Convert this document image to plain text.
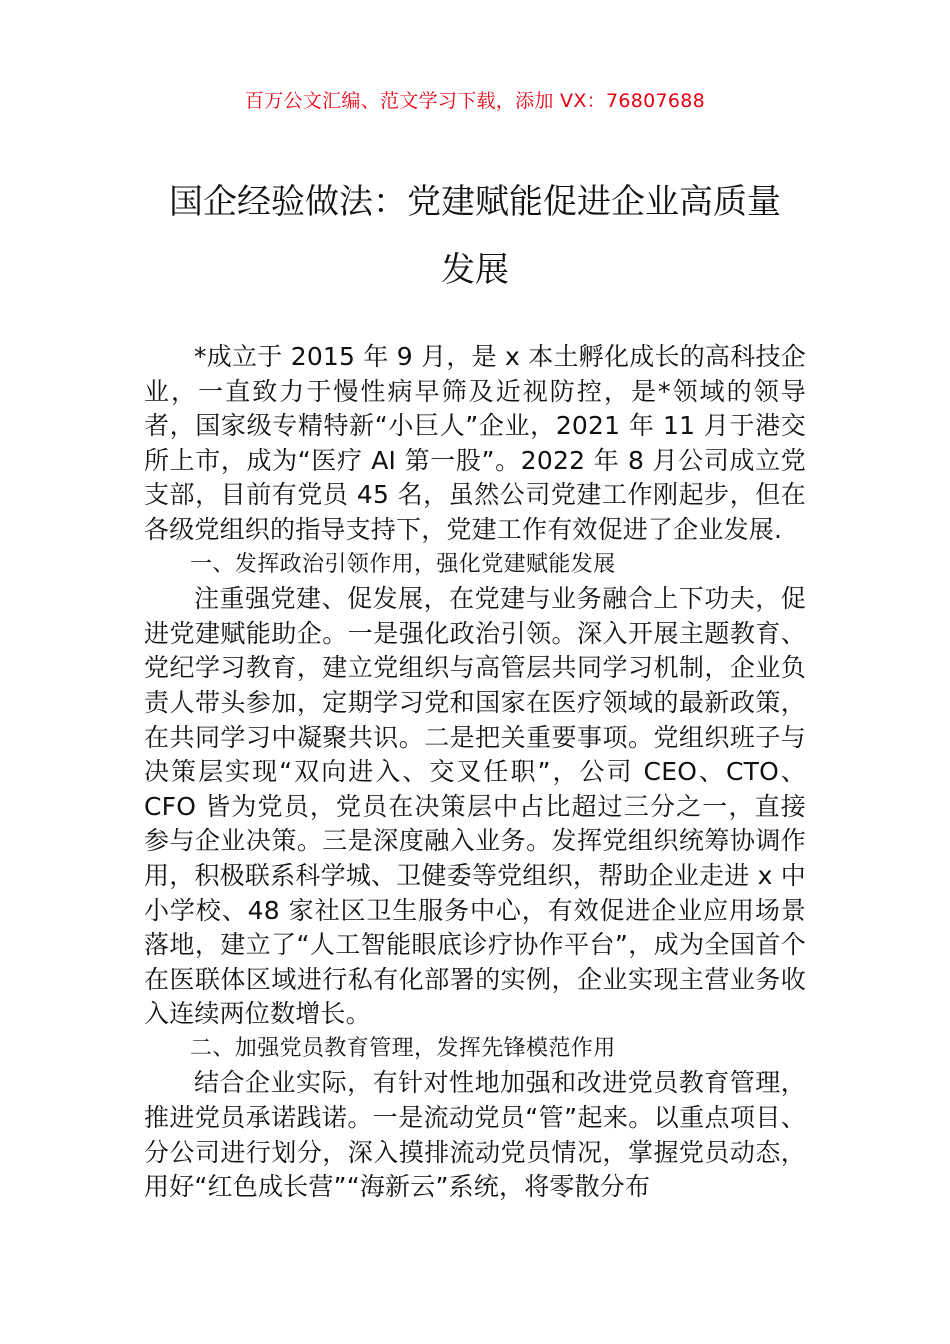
百万公文汇编、范文学习下载，添加 VX：76807688
国企经验做法：党建赋能促进企业高质量
发展

*成立于 2015 年 9 月，是 x 本土孵化成长的高科技企业，一直致力于慢性病早筛及近视防控，是*领域的领导者，国家级专精特新“小巨人”企业，2021 年 11 月于港交所上市，成为“医疗 AI 第一股”。2022 年 8 月公司成立党支部，目前有党员 45 名，虽然公司党建工作刚起步，但在各级党组织的指导支持下，党建工作有效促进了企业发展.

一、发挥政治引领作用，强化党建赋能发展

注重强党建、促发展，在党建与业务融合上下功夫，促进党建赋能助企。一是强化政治引领。深入开展主题教育、党纪学习教育，建立党组织与高管层共同学习机制，企业负责人带头参加，定期学习党和国家在医疗领域的最新政策，在共同学习中凝聚共识。二是把关重要事项。党组织班子与决策层实现“双向进入、交叉任职”，公司 CEO、CTO、CFO 皆为党员，党员在决策层中占比超过三分之一，直接参与企业决策。三是深度融入业务。发挥党组织统筹协调作用，积极联系科学城、卫健委等党组织，帮助企业走进 x 中小学校、48 家社区卫生服务中心，有效促进企业应用场景落地，建立了“人工智能眼底诊疗协作平台”，成为全国首个在医联体区域进行私有化部署的实例，企业实现主营业务收入连续两位数增长。

二、加强党员教育管理，发挥先锋模范作用

结合企业实际，有针对性地加强和改进党员教育管理，推进党员承诺践诺。一是流动党员“管”起来。以重点项目、分公司进行划分，深入摸排流动党员情况，掌握党员动态，用好“红色成长营”“海新云”系统，将零散分布
